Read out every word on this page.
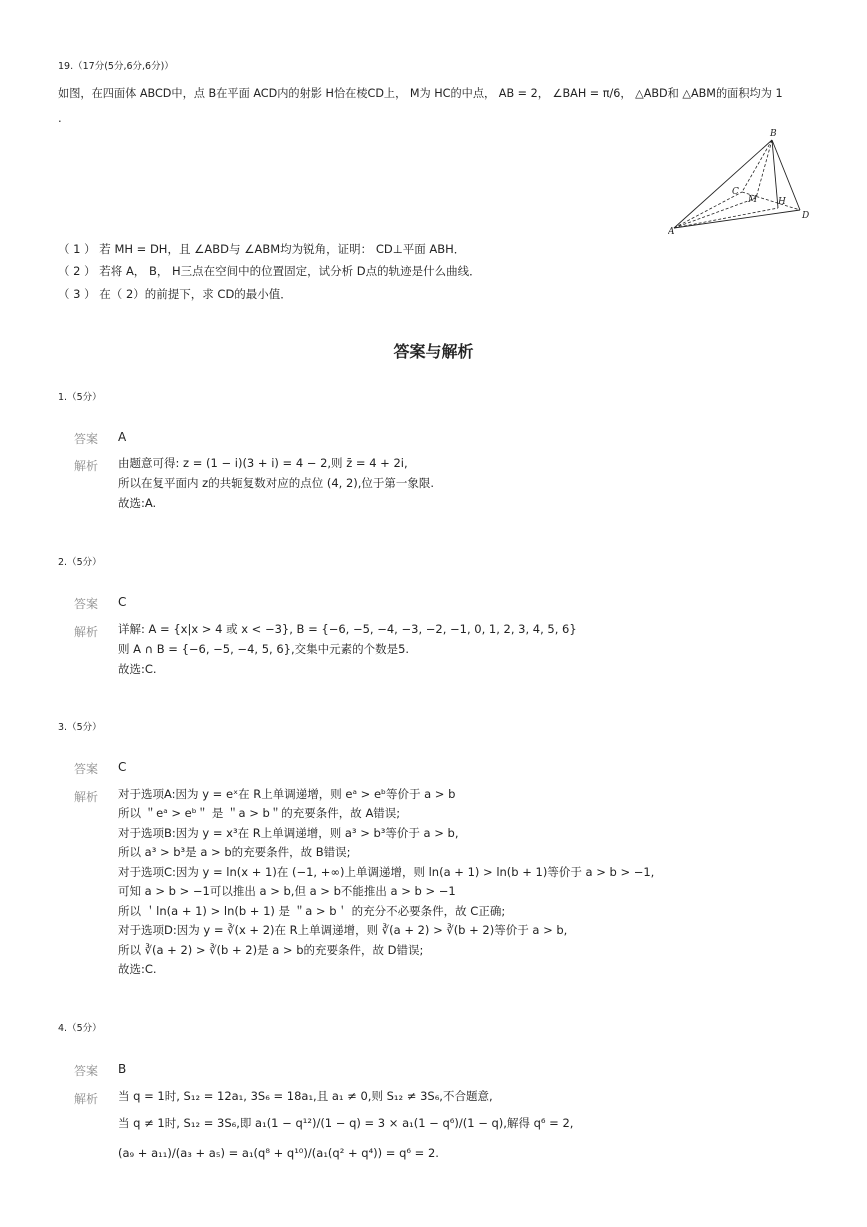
19.（17分(5分,6分,6分)）
如图，在四面体 ABCD中，点 B在平面 ACD内的射影 H恰在棱CD上， M为 HC的中点， AB = 2， ∠BAH = π/6， △ABD和 △ABM的面积均为 1
.
B
A
C
M H
D
（ 1 ） 若 MH = DH，且 ∠ABD与 ∠ABM均为锐角，证明： CD⊥平面 ABH．
（ 2 ） 若将 A， B， H三点在空间中的位置固定，试分析 D点的轨迹是什么曲线．
（ 3 ） 在（ 2）的前提下，求 CD的最小值．
答案与解析
1.（5分）
答案 A
解析 由题意可得: z = (1 − i)(3 + i) = 4 − 2,则 z̄ = 4 + 2i,
所以在复平面内 z的共轭复数对应的点位 (4, 2),位于第一象限.
故选:A.
2.（5分）
答案 C
解析 详解: A = {x|x > 4 或 x < −3}, B = {−6, −5, −4, −3, −2, −1, 0, 1, 2, 3, 4, 5, 6}
则 A ∩ B = {−6, −5, −4, 5, 6},交集中元素的个数是5.
故选:C.
3.（5分）
答案 C
解析 对于选项A:因为 y = eˣ在 R上单调递增，则 eᵃ > eᵇ等价于 a > b
所以 ＂eᵃ > eᵇ＂ 是 ＂a > b＂的充要条件，故 A错误;
对于选项B:因为 y = x³在 R上单调递增，则 a³ > b³等价于 a > b,
所以 a³ > b³是 a > b的充要条件，故 B错误;
对于选项C:因为 y = ln(x + 1)在 (−1, +∞)上单调递增，则 ln(a + 1) > ln(b + 1)等价于 a > b > −1,
可知 a > b > −1可以推出 a > b,但 a > b不能推出 a > b > −1
所以 ＇ln(a + 1) > ln(b + 1) 是 ＂a > b＇ 的充分不必要条件，故 C正确;
对于选项D:因为 y = ∛(x + 2)在 R上单调递增，则 ∛(a + 2) > ∛(b + 2)等价于 a > b,
所以 ∛(a + 2) > ∛(b + 2)是 a > b的充要条件，故 D错误;
故选:C.
4.（5分）
答案 B
解析 当 q = 1时, S₁₂ = 12a₁, 3S₆ = 18a₁,且 a₁ ≠ 0,则 S₁₂ ≠ 3S₆,不合题意,
当 q ≠ 1时, S₁₂ = 3S₆,即 a₁(1 − q¹²)/(1 − q) = 3 × a₁(1 − q⁶)/(1 − q),解得 q⁶ = 2,
(a₉ + a₁₁)/(a₃ + a₅) = a₁(q⁸ + q¹⁰)/(a₁(q² + q⁴)) = q⁶ = 2.
